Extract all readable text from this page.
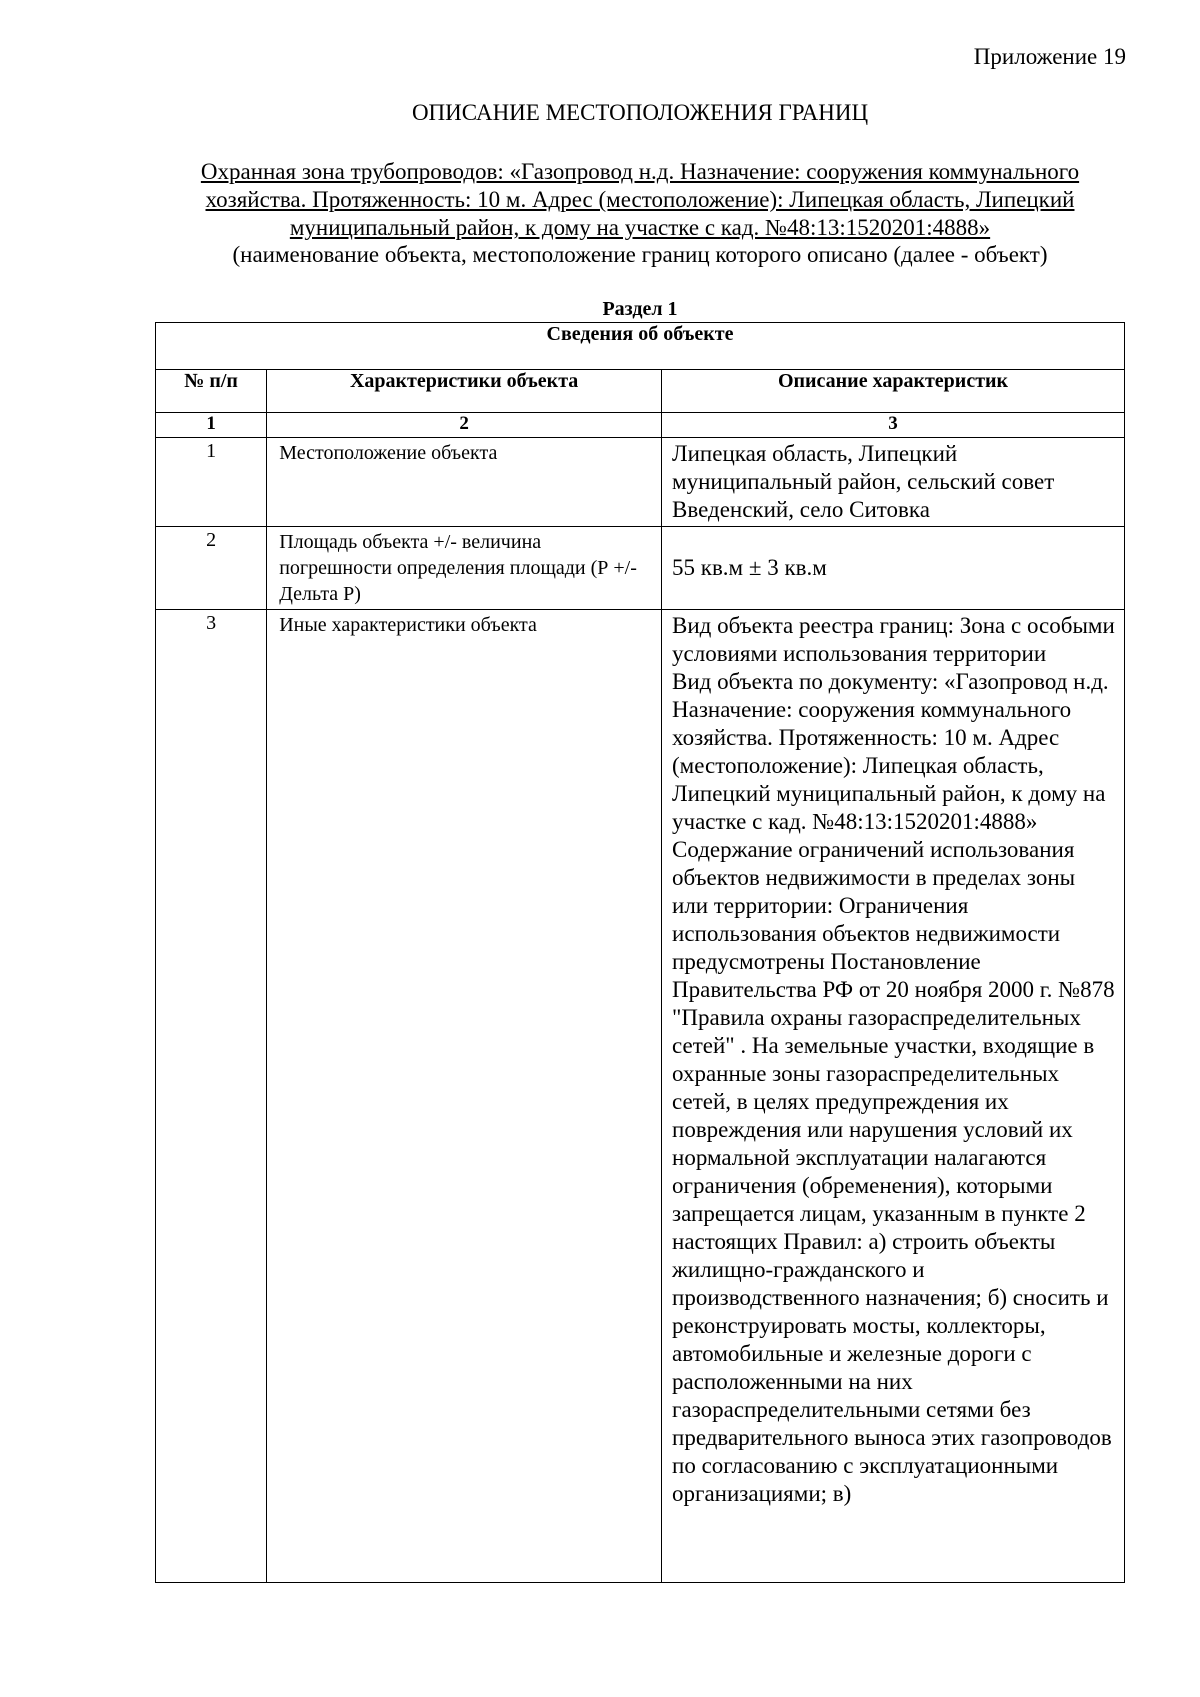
Приложение 19
ОПИСАНИЕ МЕСТОПОЛОЖЕНИЯ ГРАНИЦ
Охранная зона трубопроводов: «Газопровод н.д. Назначение: сооружения коммунального
хозяйства. Протяженность: 10 м. Адрес (местоположение): Липецкая область, Липецкий
муниципальный район, к дому на участке с кад. №48:13:1520201:4888»
(наименование объекта, местоположение границ которого описано (далее - объект)
Раздел 1
Сведения об объекте		
№ п/п	Характеристики объекта	Описание характеристик
1	2	3
1	Местоположение объекта	Липецкая область, Липецкий муниципальный район, сельский совет Введенский, село Ситовка
2	Площадь объекта +/- величина погрешности определения площади (Р +/- Дельта Р)	55 кв.м ± 3 кв.м
3	Иные характеристики объекта	Вид объекта реестра границ: Зона с особыми условиями использования территории
Вид объекта по документу: «Газопровод н.д. Назначение: сооружения коммунального хозяйства. Протяженность: 10 м. Адрес (местоположение): Липецкая область, Липецкий муниципальный район, к дому на участке с кад. №48:13:1520201:4888»
Содержание ограничений использования объектов недвижимости в пределах зоны или территории: Ограничения использования объектов недвижимости предусмотрены Постановление Правительства РФ от 20 ноября 2000 г. №878 "Правила охраны газораспределительных сетей" . На земельные участки, входящие в охранные зоны газораспределительных сетей, в целях предупреждения их повреждения или нарушения условий их нормальной эксплуатации налагаются ограничения (обременения), которыми запрещается лицам, указанным в пункте 2 настоящих Правил: а) строить объекты жилищно-гражданского и производственного назначения; б) сносить и реконструировать мосты, коллекторы, автомобильные и железные дороги с расположенными на них газораспределительными сетями без предварительного выноса этих газопроводов по согласованию с эксплуатационными организациями; в)
